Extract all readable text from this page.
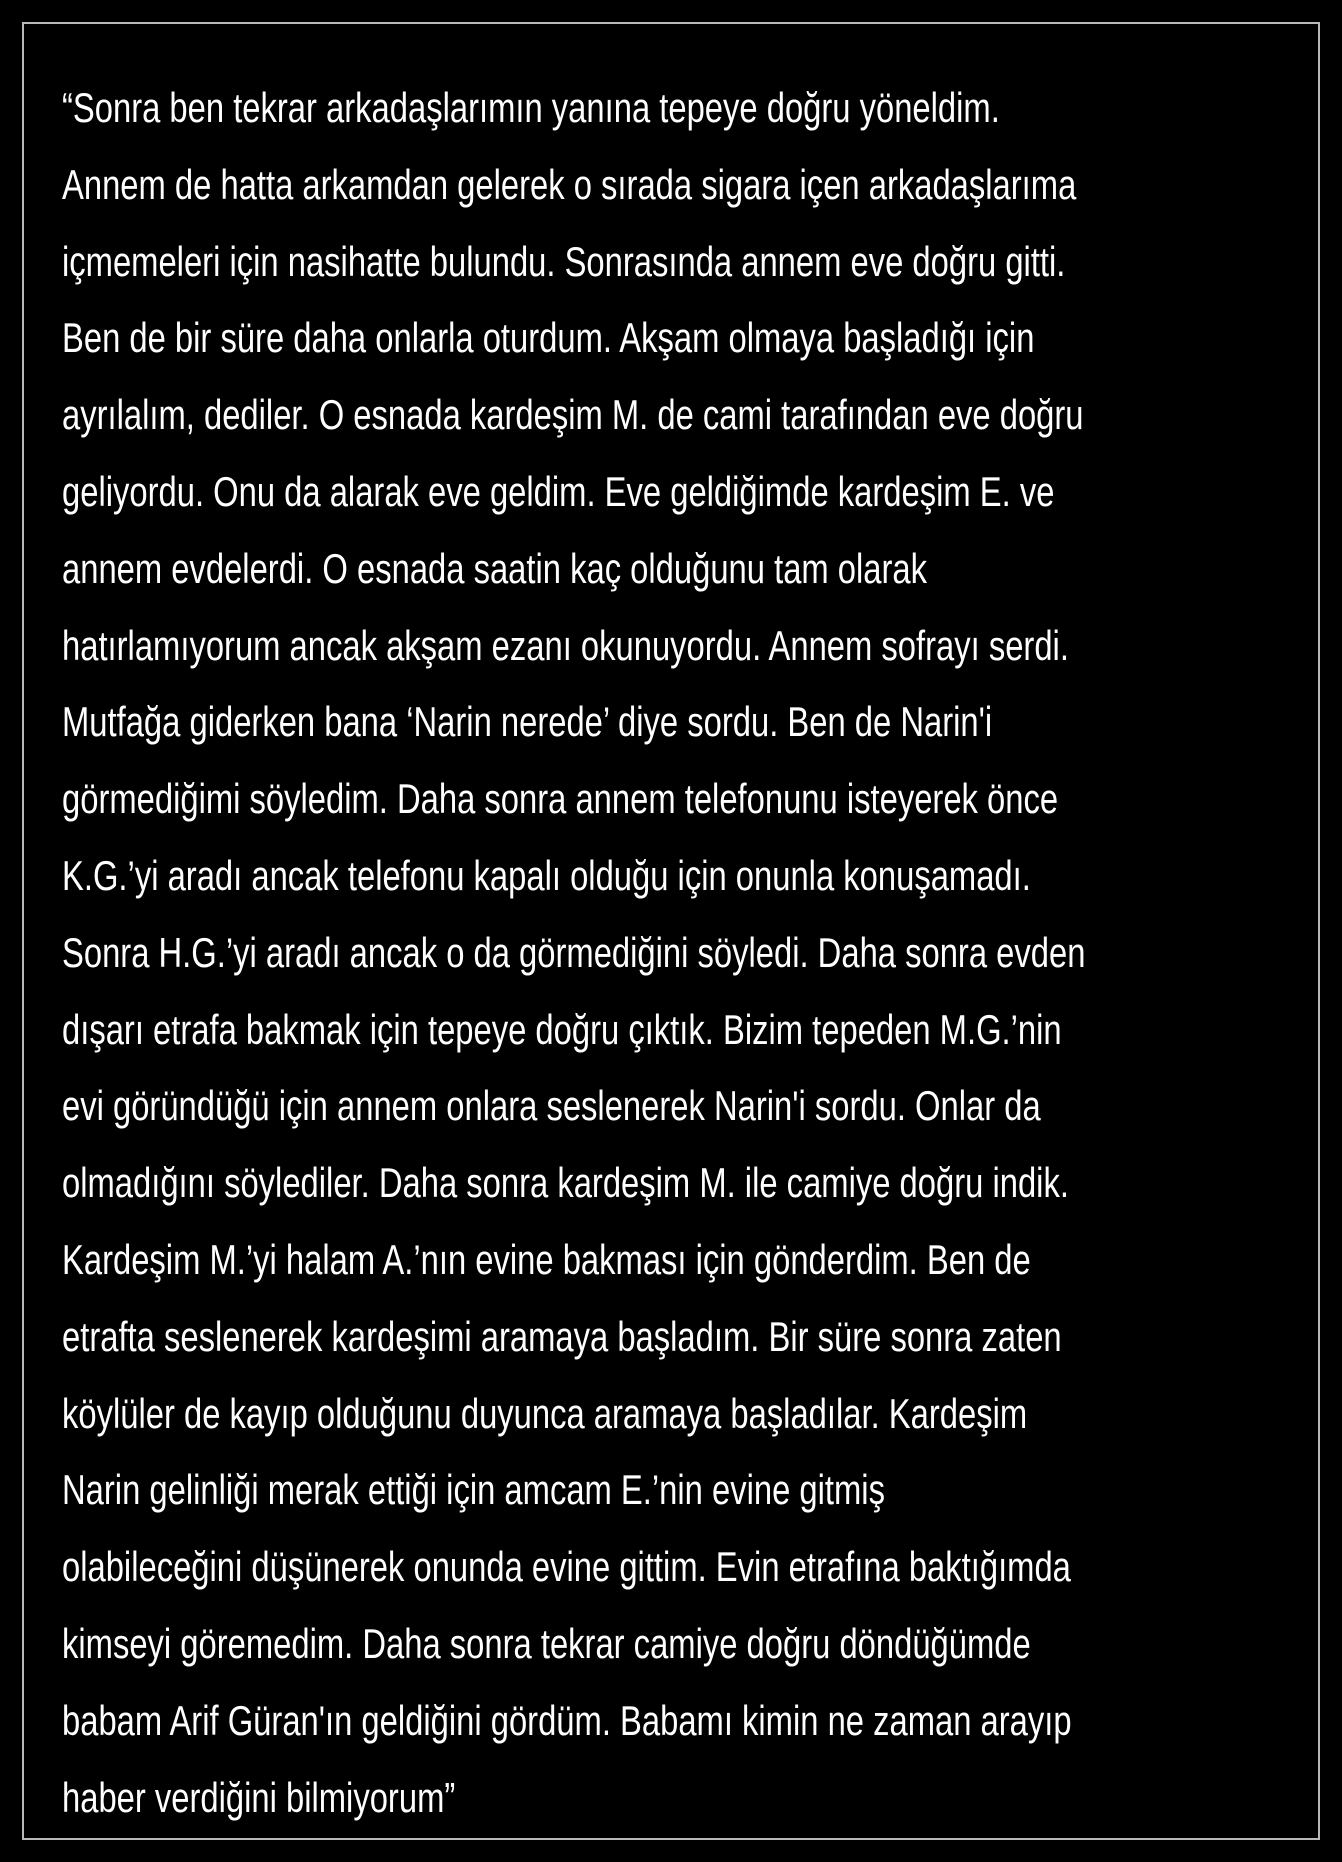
“Sonra ben tekrar arkadaşlarımın yanına tepeye doğru yöneldim.
Annem de hatta arkamdan gelerek o sırada sigara içen arkadaşlarıma
içmemeleri için nasihatte bulundu. Sonrasında annem eve doğru gitti.
Ben de bir süre daha onlarla oturdum. Akşam olmaya başladığı için
ayrılalım, dediler. O esnada kardeşim M. de cami tarafından eve doğru
geliyordu. Onu da alarak eve geldim. Eve geldiğimde kardeşim E. ve
annem evdelerdi. O esnada saatin kaç olduğunu tam olarak
hatırlamıyorum ancak akşam ezanı okunuyordu. Annem sofrayı serdi.
Mutfağa giderken bana ‘Narin nerede’ diye sordu. Ben de Narin'i
görmediğimi söyledim. Daha sonra annem telefonunu isteyerek önce
K.G.’yi aradı ancak telefonu kapalı olduğu için onunla konuşamadı.
Sonra H.G.’yi aradı ancak o da görmediğini söyledi. Daha sonra evden
dışarı etrafa bakmak için tepeye doğru çıktık. Bizim tepeden M.G.’nin
evi göründüğü için annem onlara seslenerek Narin'i sordu. Onlar da
olmadığını söylediler. Daha sonra kardeşim M. ile camiye doğru indik.
Kardeşim M.’yi halam A.’nın evine bakması için gönderdim. Ben de
etrafta seslenerek kardeşimi aramaya başladım. Bir süre sonra zaten
köylüler de kayıp olduğunu duyunca aramaya başladılar. Kardeşim
Narin gelinliği merak ettiği için amcam E.’nin evine gitmiş
olabileceğini düşünerek onunda evine gittim. Evin etrafına baktığımda
kimseyi göremedim. Daha sonra tekrar camiye doğru döndüğümde
babam Arif Güran'ın geldiğini gördüm. Babamı kimin ne zaman arayıp
haber verdiğini bilmiyorum”
